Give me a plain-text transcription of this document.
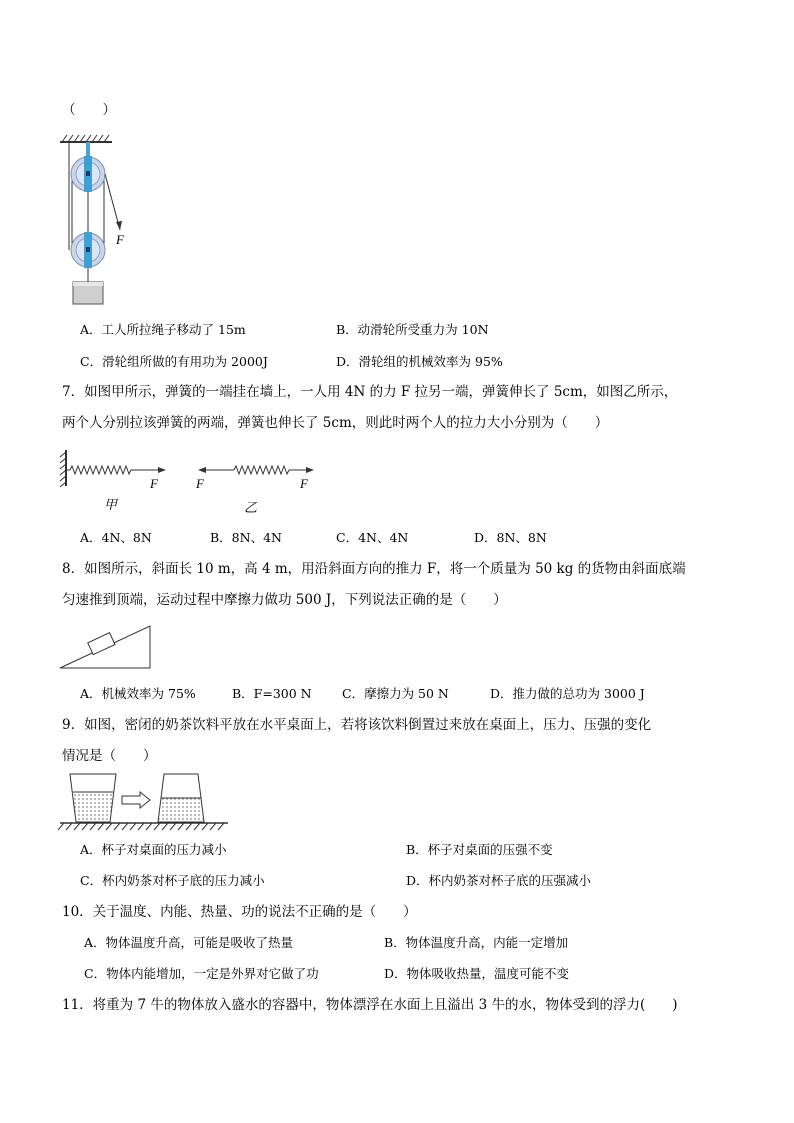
（　　）
F
A．工人所拉绳子移动了 15m	B．动滑轮所受重力为 10N
C．滑轮组所做的有用功为 2000J	D．滑轮组的机械效率为 95%
7．如图甲所示，弹簧的一端挂在墙上，一人用 4N 的力 F 拉另一端，弹簧伸长了 5cm，如图乙所示，
两个人分别拉该弹簧的两端，弹簧也伸长了 5cm，则此时两个人的拉力大小分别为（　　）
F
甲
F	F
乙
A．4N、8N	B．8N、4N	C．4N、4N	D．8N、8N
8．如图所示，斜面长 10 m，高 4 m，用沿斜面方向的推力 F，将一个质量为 50 kg 的货物由斜面底端
匀速推到顶端，运动过程中摩擦力做功 500 J，下列说法正确的是（　　）
A．机械效率为 75%	B．F=300 N C．摩擦力为 50 N	D．推力做的总功为 3000 J
9．如图，密闭的奶茶饮料平放在水平桌面上，若将该饮料倒置过来放在桌面上，压力、压强的变化
情况是（　　）
A．杯子对桌面的压力减小	B．杯子对桌面的压强不变
C．杯内奶茶对杯子底的压力减小	D．杯内奶茶对杯子底的压强减小
10．关于温度、内能、热量、功的说法不正确的是（　　）
A．物体温度升高，可能是吸收了热量	B．物体温度升高，内能一定增加
C．物体内能增加，一定是外界对它做了功	D．物体吸收热量，温度可能不变
11．将重为 7 牛的物体放入盛水的容器中，物体漂浮在水面上且溢出 3 牛的水，物体受到的浮力(　　)
